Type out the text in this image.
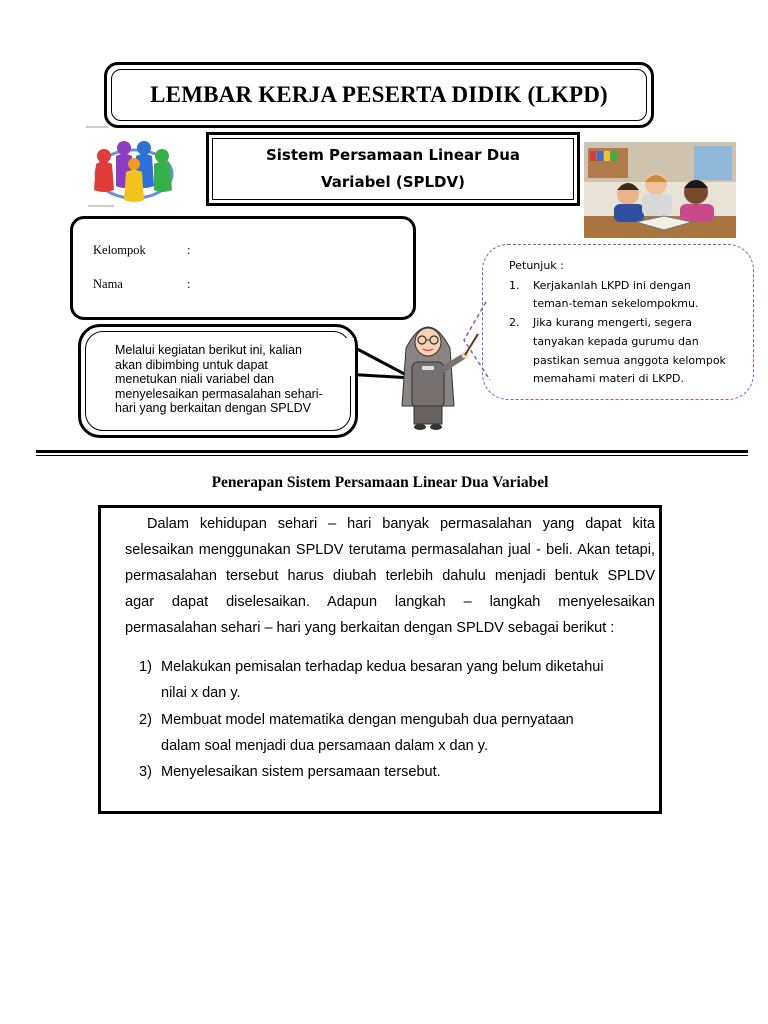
LEMBAR KERJA PESERTA DIDIK (LKPD)
Sistem Persamaan Linear Dua
Variabel (SPLDV)
Kelompok	:
Nama	:
Melalui kegiatan berikut ini, kalian
akan dibimbing untuk dapat
menetukan niali variabel dan
menyelesaikan permasalahan sehari-
hari yang berkaitan dengan SPLDV
Petunjuk :
1. Kerjakanlah LKPD ini dengan
teman-teman sekelompokmu.
2. Jika kurang mengerti, segera
tanyakan kepada gurumu dan
pastikan semua anggota kelompok
memahami materi di LKPD.
Penerapan Sistem Persamaan Linear Dua Variabel
Dalam kehidupan sehari – hari banyak permasalahan yang dapat kita
selesaikan menggunakan SPLDV terutama permasalahan jual - beli. Akan tetapi,
permasalahan tersebut harus diubah terlebih dahulu menjadi bentuk SPLDV
agar dapat diselesaikan. Adapun langkah – langkah menyelesaikan
permasalahan sehari – hari yang berkaitan dengan SPLDV sebagai berikut :
1) Melakukan pemisalan terhadap kedua besaran yang belum diketahui
nilai x dan y.
2) Membuat model matematika dengan mengubah dua pernyataan
dalam soal menjadi dua persamaan dalam x dan y.
3) Menyelesaikan sistem persamaan tersebut.
